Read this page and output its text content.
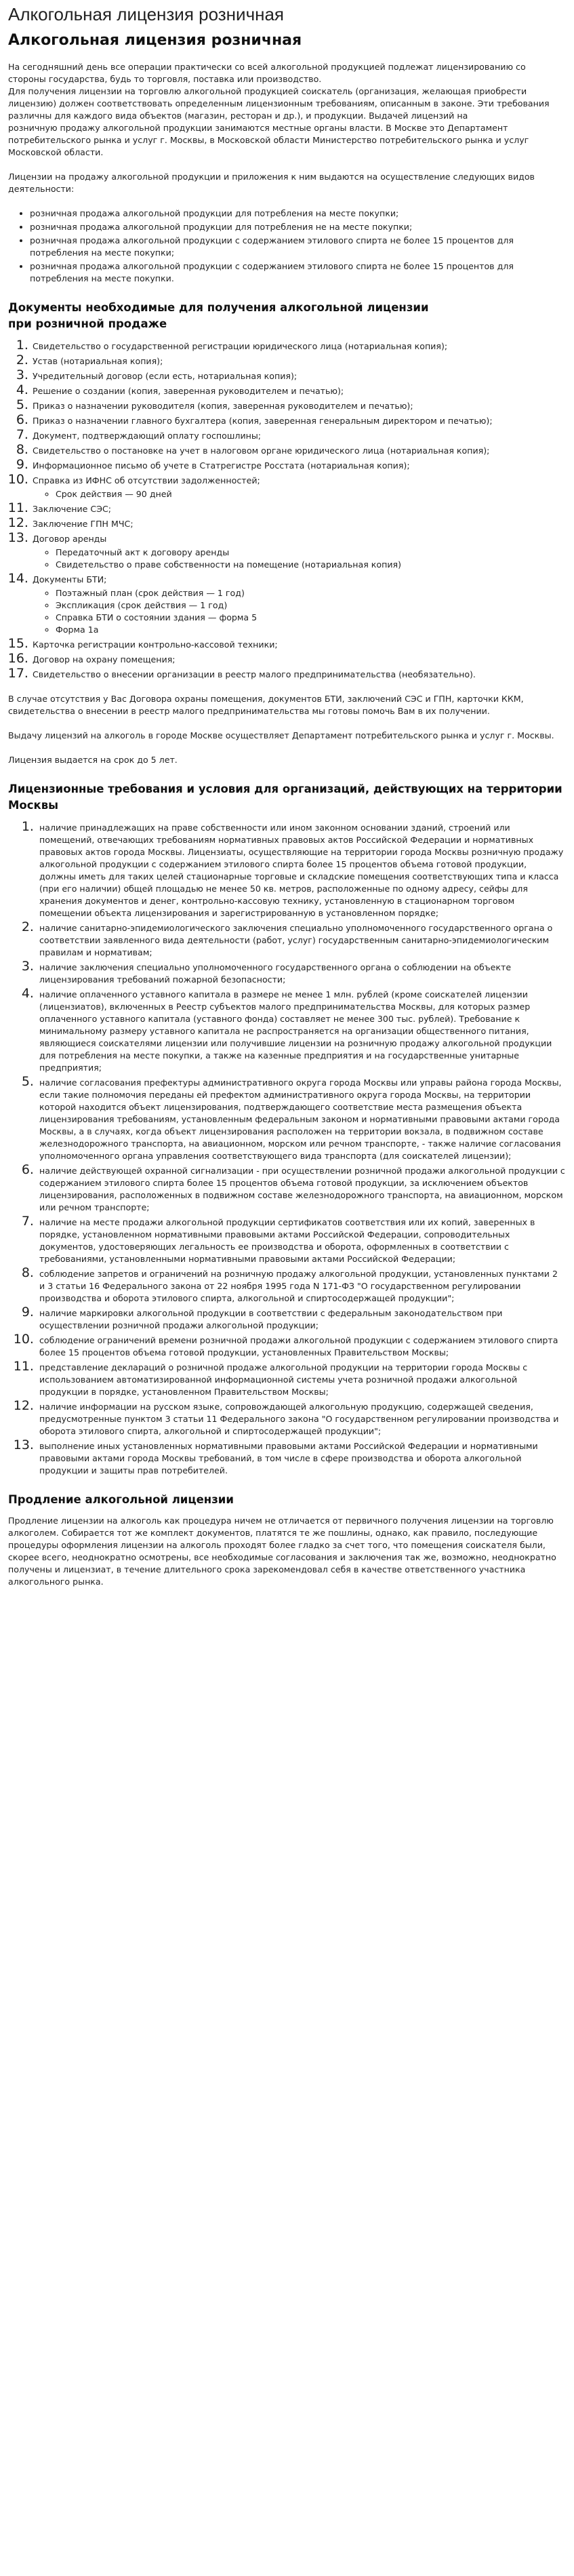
Алкогольная лицензия розничная
Алкогольная лицензия розничная

На сегодняшний день все операции практически со всей алкогольной продукцией подлежат лицензированию со стороны государства, будь то торговля, поставка или производство.
Для получения лицензии на торговлю алкогольной продукцией соискатель (организация, желающая приобрести лицензию) должен соответствовать определенным лицензионным требованиям, описанным в законе. Эти требования различны для каждого вида объектов (магазин, ресторан и др.), и продукции. Выдачей лицензий на
розничную продажу алкогольной продукции занимаются местные органы власти. В Москве это Департамент потребительского рынка и услуг г. Москвы, в Московской области Министерство потребительского рынка и услуг Московской области.

Лицензии на продажу алкогольной продукции и приложения к ним выдаются на осуществление следующих видов деятельности:

• розничная продажа алкогольной продукции для потребления на месте покупки;
• розничная продажа алкогольной продукции для потребления не на месте покупки;
• розничная продажа алкогольной продукции с содержанием этилового спирта не более 15 процентов для потребления на месте покупки;
• розничная продажа алкогольной продукции с содержанием этилового спирта не более 15 процентов для потребления на месте покупки.
Документы необходимые для получения алкогольной лицензии
при розничной продаже
1. Свидетельство о государственной регистрации юридического лица (нотариальная копия);
2. Устав (нотариальная копия);
3. Учредительный договор (если есть, нотариальная копия);
4. Решение о создании (копия, заверенная руководителем и печатью);
5. Приказ о назначении руководителя (копия, заверенная руководителем и печатью);
6. Приказ о назначении главного бухгалтера (копия, заверенная генеральным директором и печатью);
7. Документ, подтверждающий оплату госпошлины;
8. Свидетельство о постановке на учет в налоговом органе юридического лица (нотариальная копия);
9. Информационное письмо об учете в Статрегистре Росстата (нотариальная копия);
10. Справка из ИФНС об отсутствии задолженностей;
◦ Срок действия — 90 дней
11. Заключение СЭС;
12. Заключение ГПН МЧС;
13. Договор аренды
◦ Передаточный акт к договору аренды
◦ Свидетельство о праве собственности на помещение (нотариальная копия)
14. Документы БТИ;
◦ Поэтажный план (срок действия — 1 год)
◦ Экспликация (срок действия — 1 год)
◦ Справка БТИ о состоянии здания — форма 5
◦ Форма 1а
15. Карточка регистрации контрольно-кассовой техники;
16. Договор на охрану помещения;
17. Свидетельство о внесении организации в реестр малого предпринимательства (необязательно).

В случае отсутствия у Вас Договора охраны помещения, документов БТИ, заключений СЭС и ГПН, карточки ККМ, свидетельства о внесении в реестр малого предпринимательства мы готовы помочь Вам в их получении.

Выдачу лицензий на алкоголь в городе Москве осуществляет Департамент потребительского рынка и услуг г. Москвы.

Лицензия выдается на срок до 5 лет.

Лицензионные требования и условия для организаций, действующих на территории Москвы
1. наличие принадлежащих на праве собственности или ином законном основании зданий, строений или помещений, отвечающих требованиям нормативных правовых актов Российской Федерации и нормативных правовых актов города Москвы. Лицензиаты, осуществляющие на территории города Москвы розничную продажу алкогольной продукции с содержанием этилового спирта более 15 процентов объема готовой продукции, должны иметь для таких целей стационарные торговые и складские помещения соответствующих типа и класса (при его наличии) общей площадью не менее 50 кв. метров, расположенные по одному адресу, сейфы для хранения документов и денег, контрольно-кассовую технику, установленную в стационарном торговом помещении объекта лицензирования и зарегистрированную в установленном порядке;
2. наличие санитарно-эпидемиологического заключения специально уполномоченного государственного органа о соответствии заявленного вида деятельности (работ, услуг) государственным санитарно-эпидемиологическим правилам и нормативам;
3. наличие заключения специально уполномоченного государственного органа о соблюдении на объекте лицензирования требований пожарной безопасности;
4. наличие оплаченного уставного капитала в размере не менее 1 млн. рублей (кроме соискателей лицензии (лицензиатов), включенных в Реестр субъектов малого предпринимательства Москвы, для которых размер оплаченного уставного капитала (уставного фонда) составляет не менее 300 тыс. рублей). Требование к минимальному размеру уставного капитала не распространяется на организации общественного питания, являющиеся соискателями лицензии или получившие лицензии на розничную продажу алкогольной продукции для потребления на месте покупки, а также на казенные предприятия и на государственные унитарные предприятия;
5. наличие согласования префектуры административного округа города Москвы или управы района города Москвы, если такие полномочия переданы ей префектом административного округа города Москвы, на территории которой находится объект лицензирования, подтверждающего соответствие места размещения объекта лицензирования требованиям, установленным федеральным законом и нормативными правовыми актами города Москвы, а в случаях, когда объект лицензирования расположен на территории вокзала, в подвижном составе железнодорожного транспорта, на авиационном, морском или речном транспорте, - также наличие согласования уполномоченного органа управления соответствующего вида транспорта (для соискателей лицензии);
6. наличие действующей охранной сигнализации - при осуществлении розничной продажи алкогольной продукции с содержанием этилового спирта более 15 процентов объема готовой продукции, за исключением объектов лицензирования, расположенных в подвижном составе железнодорожного транспорта, на авиационном, морском или речном транспорте;
7. наличие на месте продажи алкогольной продукции сертификатов соответствия или их копий, заверенных в порядке, установленном нормативными правовыми актами Российской Федерации, сопроводительных документов, удостоверяющих легальность ее производства и оборота, оформленных в соответствии с требованиями, установленными нормативными правовыми актами Российской Федерации;
8. соблюдение запретов и ограничений на розничную продажу алкогольной продукции, установленных пунктами 2 и 3 статьи 16 Федерального закона от 22 ноября 1995 года N 171-ФЗ "О государственном регулировании производства и оборота этилового спирта, алкогольной и спиртосодержащей продукции";
9. наличие маркировки алкогольной продукции в соответствии с федеральным законодательством при осуществлении розничной продажи алкогольной продукции;
10. соблюдение ограничений времени розничной продажи алкогольной продукции с содержанием этилового спирта более 15 процентов объема готовой продукции, установленных Правительством Москвы;
11. представление деклараций о розничной продаже алкогольной продукции на территории города Москвы с использованием автоматизированной информационной системы учета розничной продажи алкогольной продукции в порядке, установленном Правительством Москвы;
12. наличие информации на русском языке, сопровождающей алкогольную продукцию, содержащей сведения, предусмотренные пунктом 3 статьи 11 Федерального закона "О государственном регулировании производства и оборота этилового спирта, алкогольной и спиртосодержащей продукции";
13. выполнение иных установленных нормативными правовыми актами Российской Федерации и нормативными правовыми актами города Москвы требований, в том числе в сфере производства и оборота алкогольной продукции и защиты прав потребителей.
Продление алкогольной лицензии

Продление лицензии на алкоголь как процедура ничем не отличается от первичного получения лицензии на торговлю алкоголем. Собирается тот же комплект документов, платятся те же пошлины, однако, как правило, последующие процедуры оформления лицензии на алкоголь проходят более гладко за счет того, что помещения соискателя были, скорее всего, неоднократно осмотрены, все необходимые согласования и заключения так же, возможно, неоднократно получены и лицензиат, в течение длительного срока зарекомендовал себя в качестве ответственного участника алкогольного рынка.
